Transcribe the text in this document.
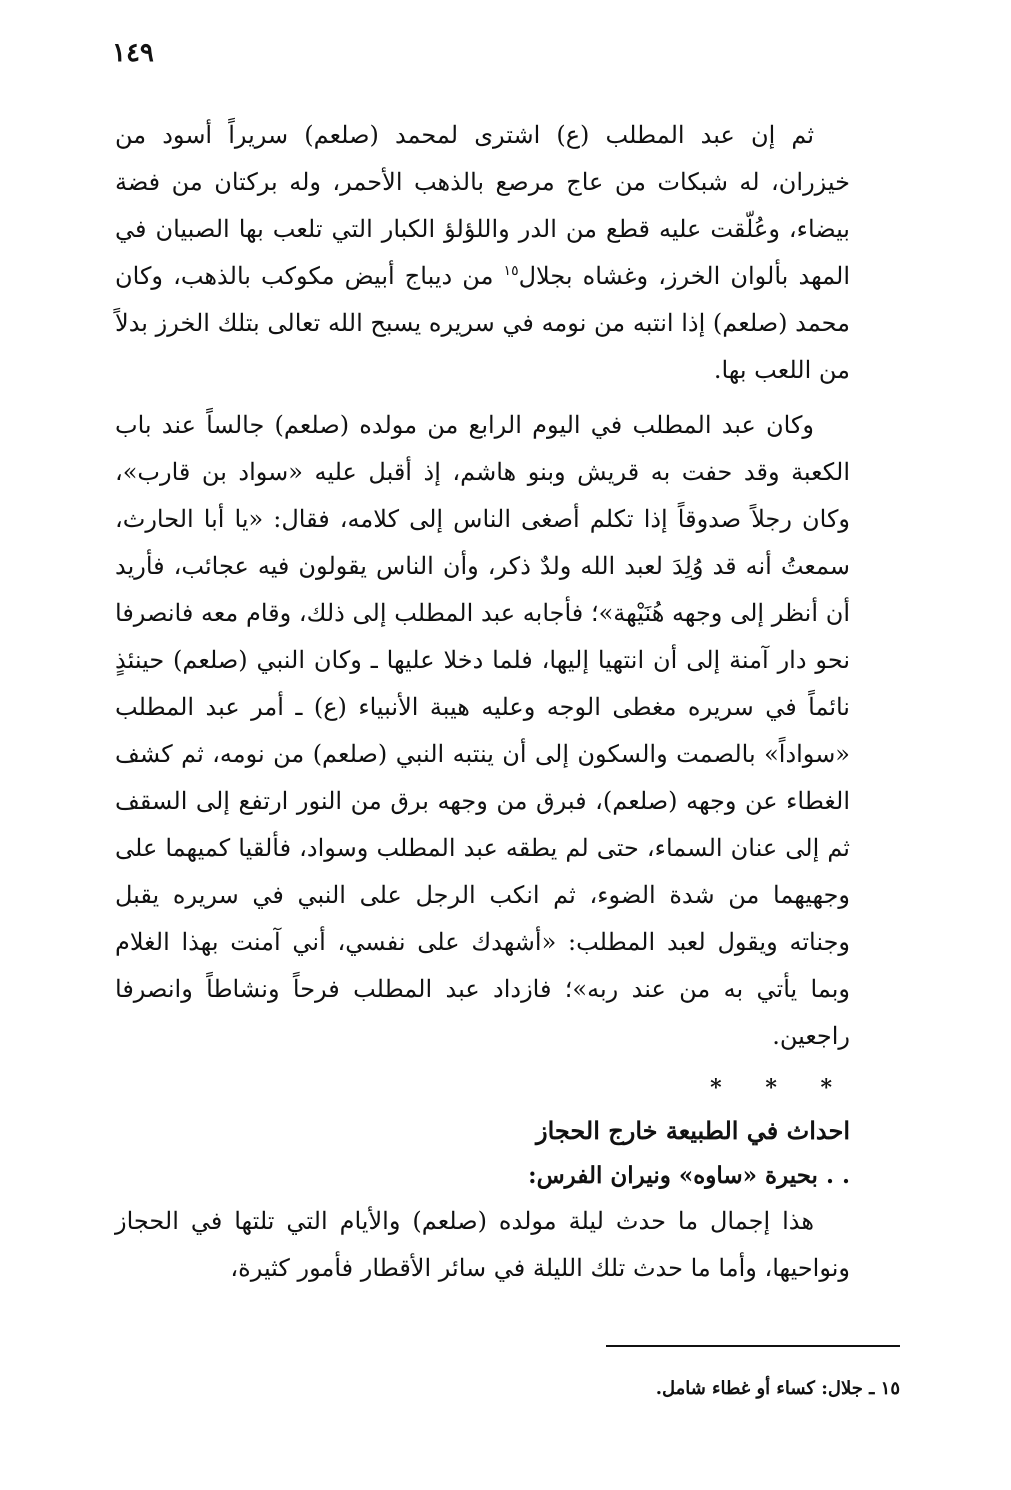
١٤٩

ثم إن عبد المطلب (ع) اشترى لمحمد (صلعم) سريراً أسود من خيزران، له شبكات من عاج مرصع بالذهب الأحمر، وله بركتان من فضة بيضاء، وعُلّقت عليه قطع من الدر واللؤلؤ الكبار التي تلعب بها الصبيان في المهد بألوان الخرز، وغشاه بجلال$^{١٥}$ من ديباج أبيض مكوكب بالذهب، وكان محمد (صلعم) إذا انتبه من نومه في سريره يسبح الله تعالى بتلك الخرز بدلاً من اللعب بها.

وكان عبد المطلب في اليوم الرابع من مولده (صلعم) جالساً عند باب الكعبة وقد حفت به قريش وبنو هاشم، إذ أقبل عليه «سواد بن قارب»، وكان رجلاً صدوقاً إذا تكلم أصغى الناس إلى كلامه، فقال: «يا أبا الحارث، سمعتُ أنه قد وُلِدَ لعبد الله ولدٌ ذكر، وأن الناس يقولون فيه عجائب، فأريد أن أنظر إلى وجهه هُنَيْهة»؛ فأجابه عبد المطلب إلى ذلك، وقام معه فانصرفا نحو دار آمنة إلى أن انتهيا إليها، فلما دخلا عليها ـ وكان النبي (صلعم) حينئذٍ نائماً في سريره مغطى الوجه وعليه هيبة الأنبياء (ع) ـ أمر عبد المطلب «سواداً» بالصمت والسكون إلى أن ينتبه النبي (صلعم) من نومه، ثم كشف الغطاء عن وجهه (صلعم)، فبرق من وجهه برق من النور ارتفع إلى السقف ثم إلى عنان السماء، حتى لم يطقه عبد المطلب وسواد، فألقيا كميهما على وجهيهما من شدة الضوء، ثم انكب الرجل على النبي في سريره يقبل وجناته ويقول لعبد المطلب: «أشهدك على نفسي، أني آمنت بهذا الغلام وبما يأتي به من عند ربه»؛ فازداد عبد المطلب فرحاً ونشاطاً وانصرفا راجعين.

* * *
احداث في الطبيعة خارج الحجاز
. . بحيرة «ساوه» ونيران الفرس:

هذا إجمال ما حدث ليلة مولده (صلعم) والأيام التي تلتها في الحجاز ونواحيها، وأما ما حدث تلك الليلة في سائر الأقطار فأمور كثيرة،

١٥ ـ جلال: كساء أو غطاء شامل.
